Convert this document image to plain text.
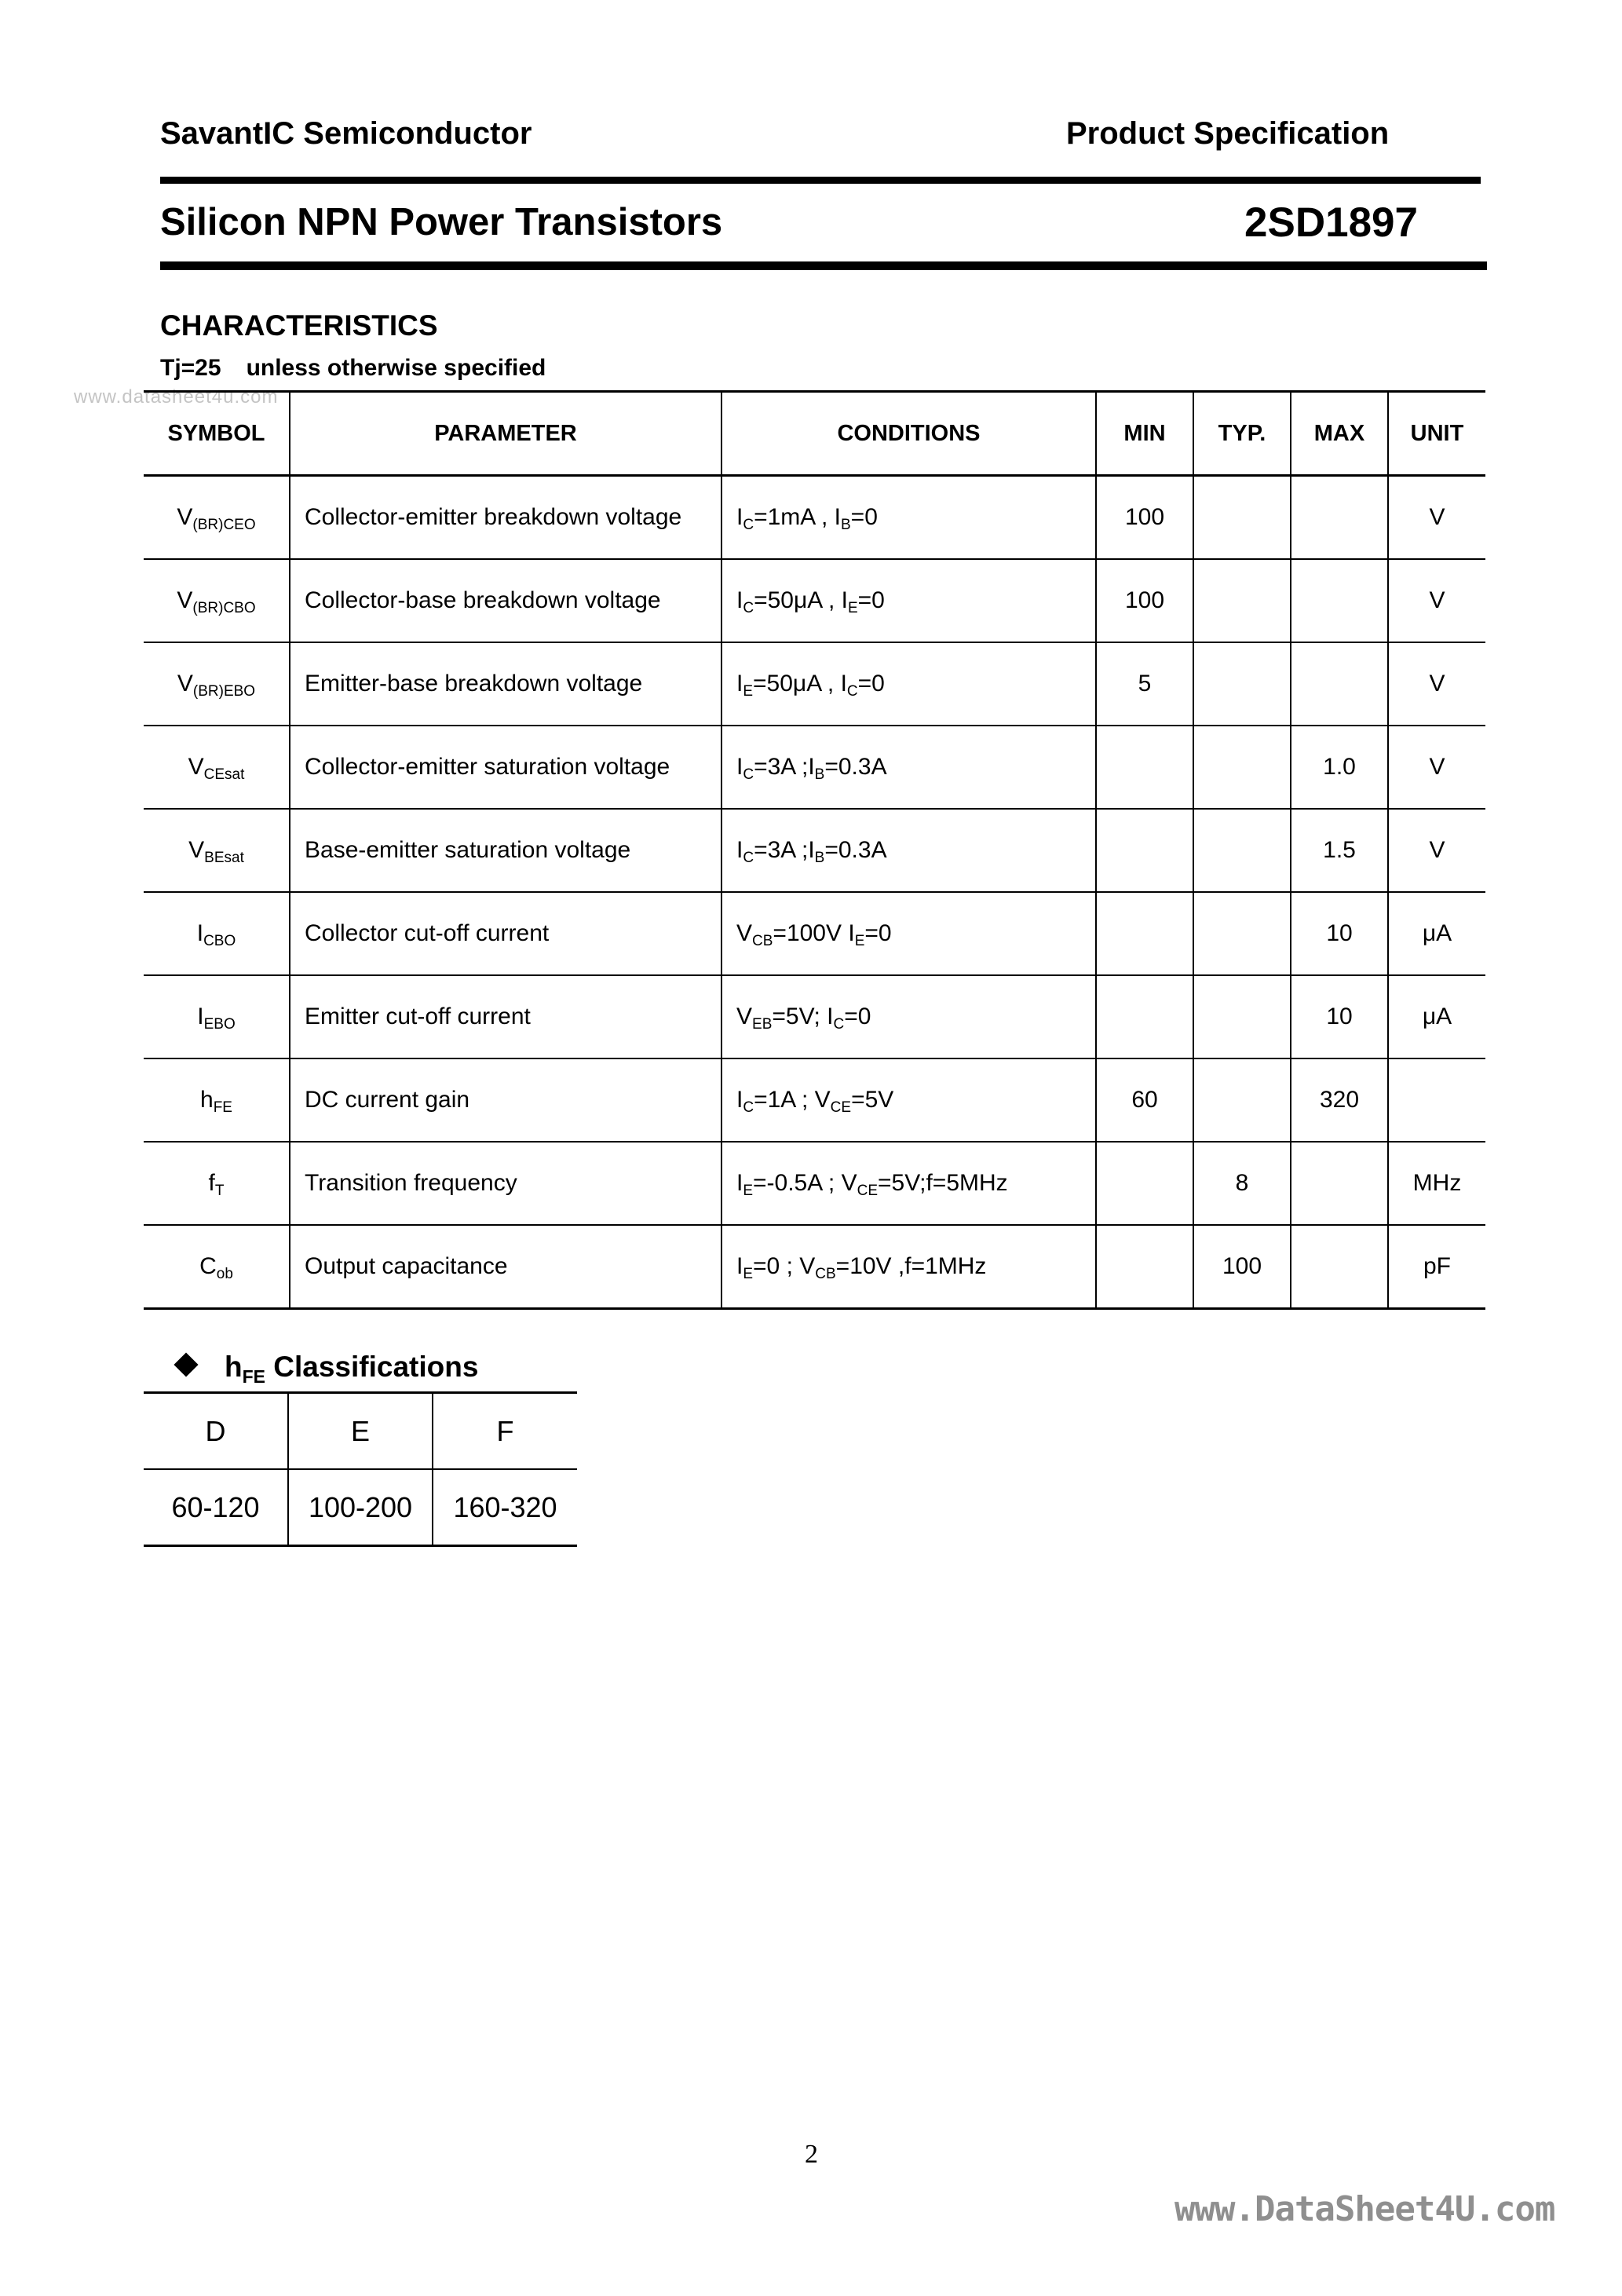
SavantIC Semiconductor	Product Specification
Silicon NPN Power Transistors	2SD1897
CHARACTERISTICS
Tj=25 unless otherwise specified
www.datasheet4u.com
SYMBOL	PARAMETER	CONDITIONS	MIN	TYP.	MAX	UNIT
$V_{(BR)CEO}$	Collector-emitter breakdown voltage	$I_C=1mA$ , $I_B=0$	100			V
$V_{(BR)CBO}$	Collector-base breakdown voltage	$I_C=50\mu A$ , $I_E=0$	100			V
$V_{(BR)EBO}$	Emitter-base breakdown voltage	$I_E=50\mu A$ , $I_C=0$	5			V
$V_{CEsat}$	Collector-emitter saturation voltage	$I_C=3A$ $;I_B=0.3A$			1.0	V
$V_{BEsat}$	Base-emitter saturation voltage	$I_C=3A$ $;I_B=0.3A$			1.5	V
$I_{CBO}$	Collector cut-off current	$V_{CB}=100V$ $I_E=0$			10	μA
$I_{EBO}$	Emitter cut-off current	$V_{EB}=5V$; $I_C=0$			10	μA
$h_{FE}$	DC current gain	$I_C=1A$ ; $V_{CE}=5V$	60		320	
$f_T$	Transition frequency	$I_E=-0.5A$ ; $V_{CE}=5V;f=5MHz$		8		MHz
$C_{ob}$	Output capacitance	$I_E=0$ ; $V_{CB}=10V$ ,f=1MHz		100		pF
$h_{FE}$ Classifications
D	E	F
60-120	100-200	160-320
2
www.DataSheet4U.com
